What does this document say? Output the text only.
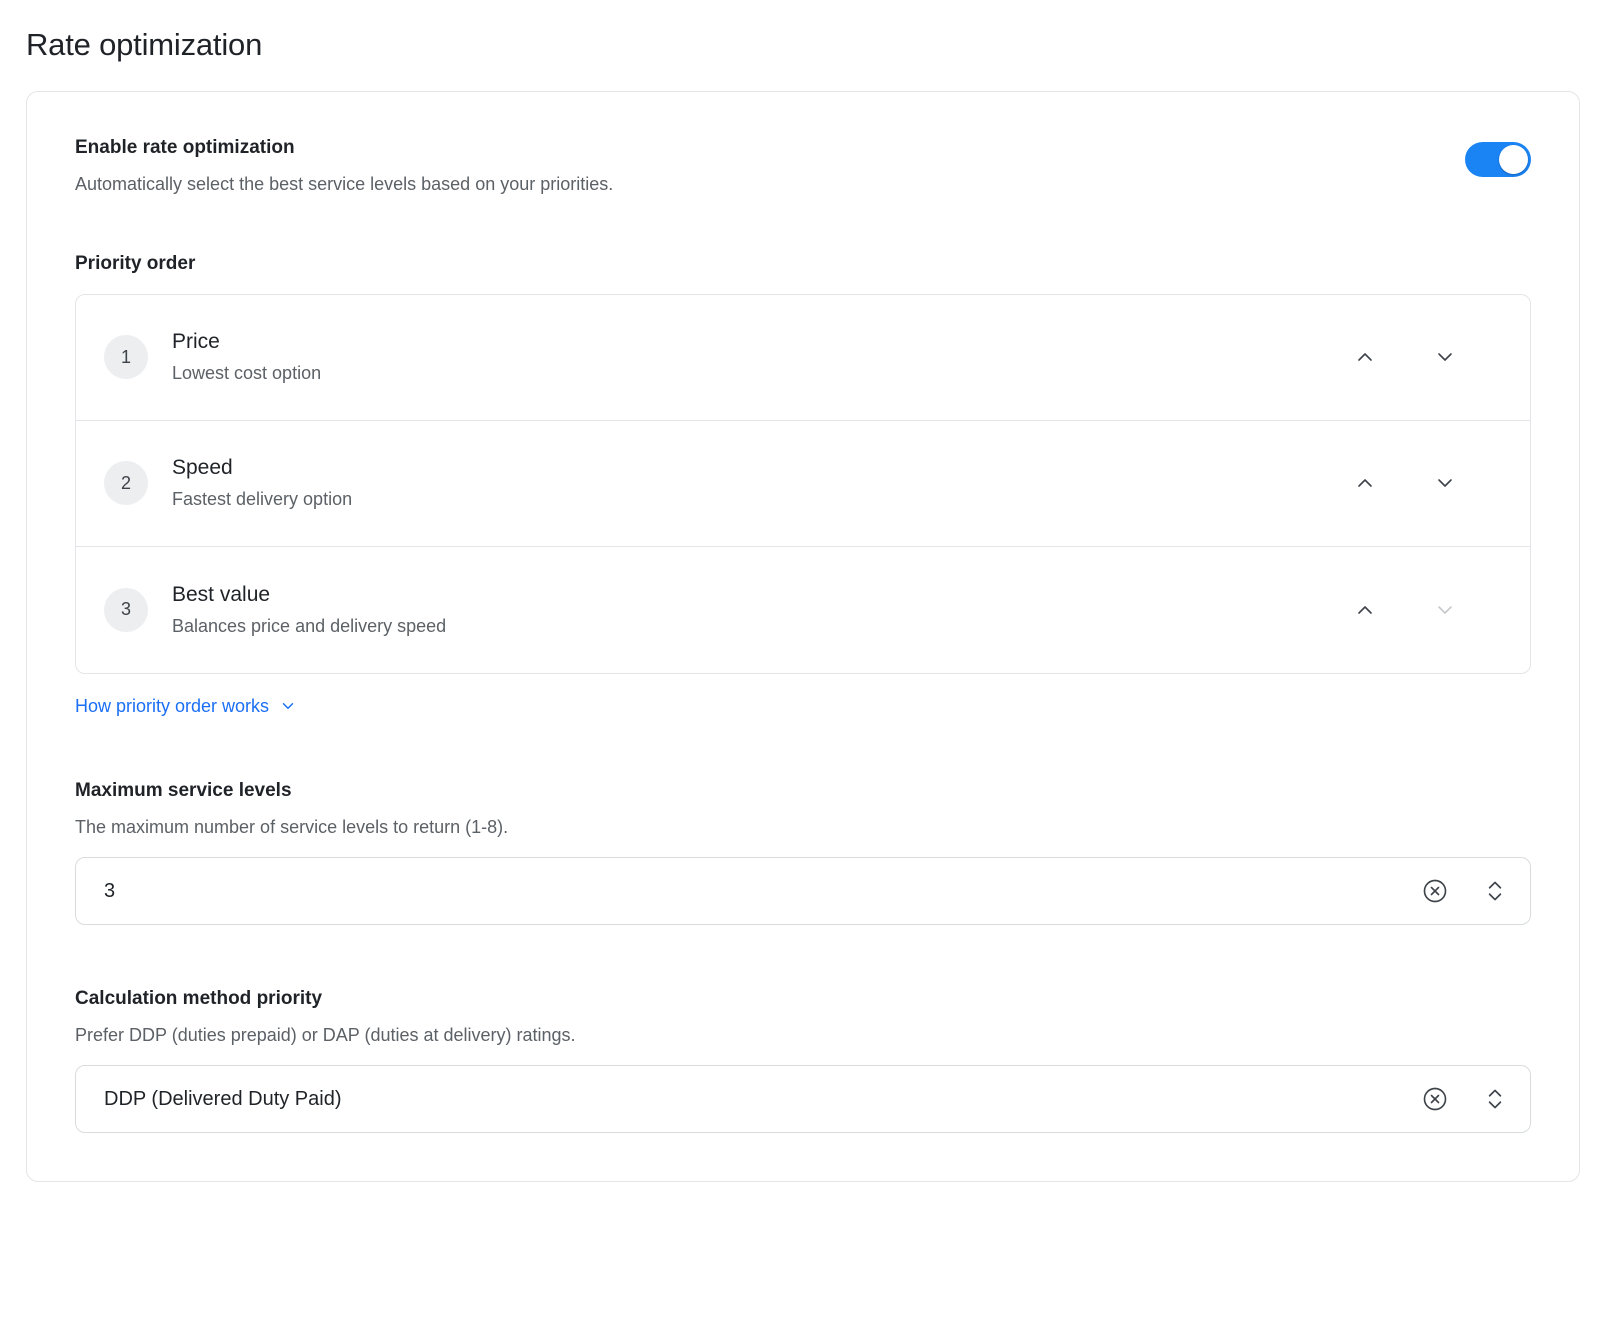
Rate optimization

Enable rate optimization

Automatically select the best service levels based on your priorities.

Priority order

1
Price
Lowest cost option
2
Speed
Fastest delivery option
3
Best value
Balances price and delivery speed
How priority order works

Maximum service levels

The maximum number of service levels to return (1-8).

3

Calculation method priority

Prefer DDP (duties prepaid) or DAP (duties at delivery) ratings.

DDP (Delivered Duty Paid)
